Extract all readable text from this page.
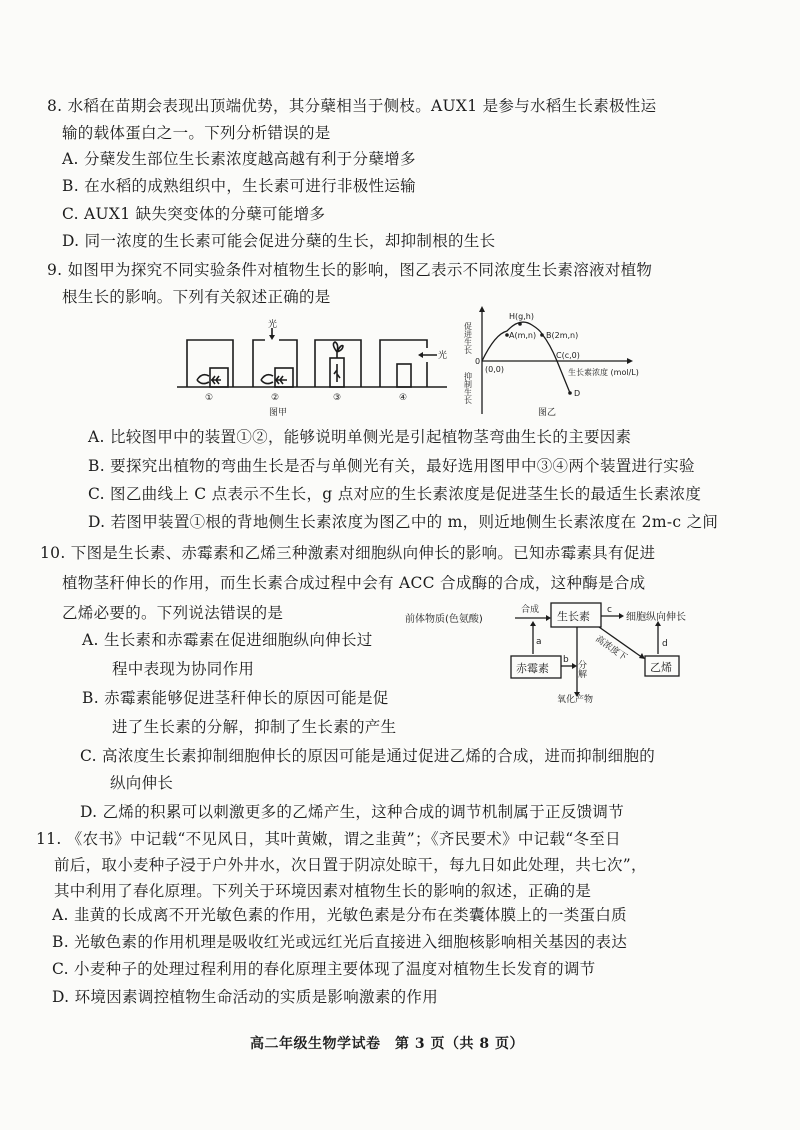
8. 水稻在苗期会表现出顶端优势，其分蘖相当于侧枝。AUX1 是参与水稻生长素极性运
输的载体蛋白之一。下列分析错误的是
A. 分蘖发生部位生长素浓度越高越有利于分蘖增多
B. 在水稻的成熟组织中，生长素可进行非极性运输
C. AUX1 缺失突变体的分蘖可能增多
D. 同一浓度的生长素可能会促进分蘖的生长，却抑制根的生长
9. 如图甲为探究不同实验条件对植物生长的影响，图乙表示不同浓度生长素溶液对植物
根生长的影响。下列有关叙述正确的是
光
光
①	②	③	④
图甲
促进生长
抑制生长
0
(0,0)
H(g,h)
A(m,n) B(2m,n)
C(c,0)
D
生长素浓度 (mol/L)
图乙
A. 比较图甲中的装置①②，能够说明单侧光是引起植物茎弯曲生长的主要因素
B. 要探究出植物的弯曲生长是否与单侧光有关，最好选用图甲中③④两个装置进行实验
C. 图乙曲线上 C 点表示不生长，g 点对应的生长素浓度是促进茎生长的最适生长素浓度
D. 若图甲装置①根的背地侧生长素浓度为图乙中的 m，则近地侧生长素浓度在 2m-c 之间
10. 下图是生长素、赤霉素和乙烯三种激素对细胞纵向伸长的影响。已知赤霉素具有促进
植物茎秆伸长的作用，而生长素合成过程中会有 ACC 合成酶的合成，这种酶是合成
乙烯必要的。下列说法错误的是	前体物质(色氨酸)
合成 生长素
赤霉素	乙烯
细胞纵向伸长
氧化产物
分解
高浓度下
a
b
c
d
A. 生长素和赤霉素在促进细胞纵向伸长过
程中表现为协同作用
B. 赤霉素能够促进茎秆伸长的原因可能是促
进了生长素的分解，抑制了生长素的产生
C. 高浓度生长素抑制细胞伸长的原因可能是通过促进乙烯的合成，进而抑制细胞的
纵向伸长
D. 乙烯的积累可以刺激更多的乙烯产生，这种合成的调节机制属于正反馈调节
11. 《农书》中记载“不见风日，其叶黄嫩，谓之韭黄”；《齐民要术》中记载“冬至日
前后，取小麦种子浸于户外井水，次日置于阴凉处晾干，每九日如此处理，共七次”，
其中利用了春化原理。下列关于环境因素对植物生长的影响的叙述，正确的是
A. 韭黄的长成离不开光敏色素的作用，光敏色素是分布在类囊体膜上的一类蛋白质
B. 光敏色素的作用机理是吸收红光或远红光后直接进入细胞核影响相关基因的表达
C. 小麦种子的处理过程利用的春化原理主要体现了温度对植物生长发育的调节
D. 环境因素调控植物生命活动的实质是影响激素的作用
高二年级生物学试卷　第 3 页（共 8 页）
